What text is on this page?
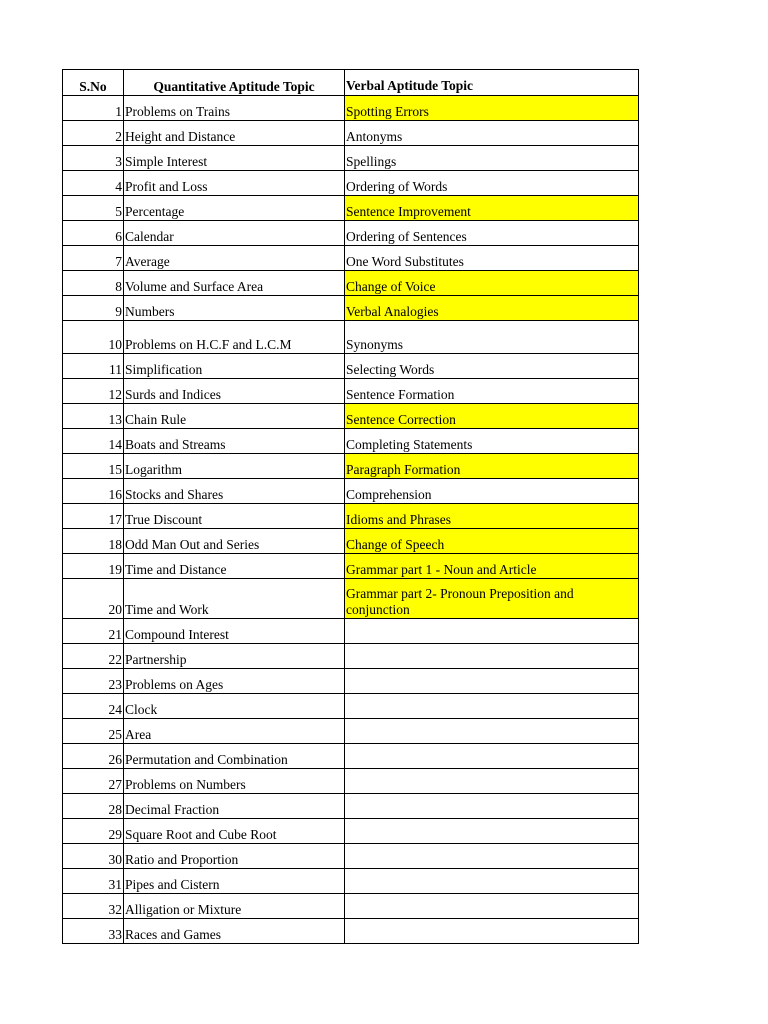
S.No	Quantitative Aptitude Topic	Verbal Aptitude Topic
1	Problems on Trains	Spotting Errors
2	Height and Distance	Antonyms
3	Simple Interest	Spellings
4	Profit and Loss	Ordering of Words
5	Percentage	Sentence Improvement
6	Calendar	Ordering of Sentences
7	Average	One Word Substitutes
8	Volume and Surface Area	Change of Voice
9	Numbers	Verbal Analogies
10	Problems on H.C.F and L.C.M	Synonyms
11	Simplification	Selecting Words
12	Surds and Indices	Sentence Formation
13	Chain Rule	Sentence Correction
14	Boats and Streams	Completing Statements
15	Logarithm	Paragraph Formation
16	Stocks and Shares	Comprehension
17	True Discount	Idioms and Phrases
18	Odd Man Out and Series	Change of Speech
19	Time and Distance	Grammar part 1 - Noun and Article
20	Time and Work	Grammar part 2- Pronoun Preposition and conjunction
21	Compound Interest	
22	Partnership	
23	Problems on Ages	
24	Clock	
25	Area	
26	Permutation and Combination	
27	Problems on Numbers	
28	Decimal Fraction	
29	Square Root and Cube Root	
30	Ratio and Proportion	
31	Pipes and Cistern	
32	Alligation or Mixture	
33	Races and Games	
